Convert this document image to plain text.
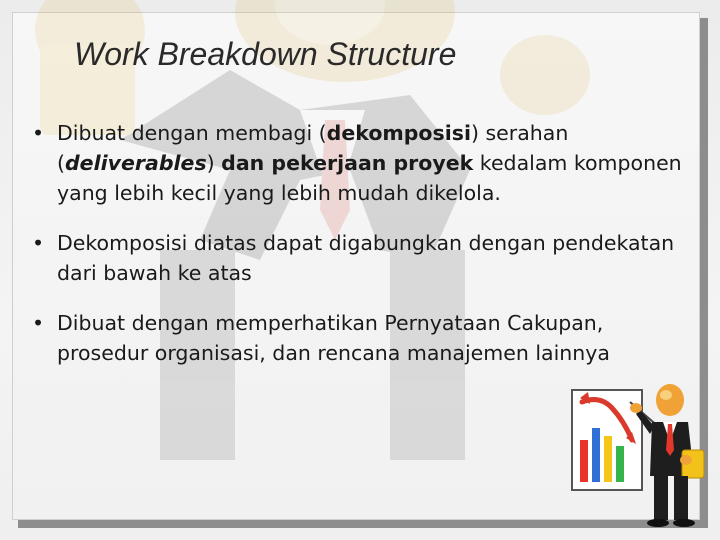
Work Breakdown Structure
• Dibuat dengan membagi (dekomposisi) serahan (deliverables) dan pekerjaan proyek kedalam komponen yang lebih kecil yang lebih mudah dikelola.
• Dekomposisi diatas dapat digabungkan dengan pendekatan dari bawah ke atas
• Dibuat dengan memperhatikan Pernyataan Cakupan, prosedur organisasi, dan rencana manajemen lainnya
